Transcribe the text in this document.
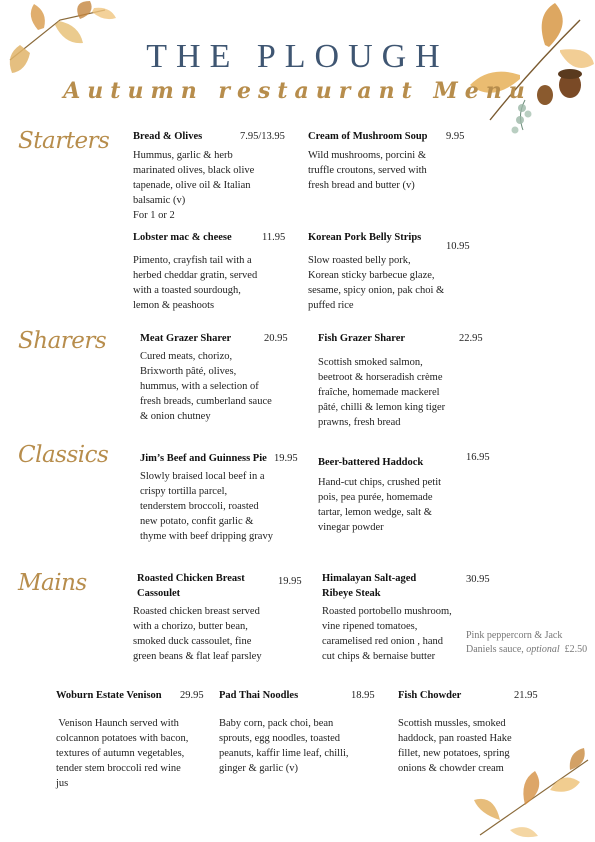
THE PLOUGH
Autumn restaurant Menu
Starters
Sharers
Classics
Mains
Bread & Olives	7.95/13.95
Hummus, garlic & herb
marinated olives, black olive
tapenade, olive oil & Italian
balsamic (v)
For 1 or 2
Cream of Mushroom Soup 9.95
Wild mushrooms, porcini &
truffle croutons, served with
fresh bread and butter (v)
Lobster mac & cheese	11.95
Pimento, crayfish tail with a
herbed cheddar gratin, served
with a toasted sourdough,
lemon & peashoots
Korean Pork Belly Strips
10.95
Slow roasted belly pork,
Korean sticky barbecue glaze,
sesame, spicy onion, pak choi &
puffed rice
Meat Grazer Sharer	20.95
Cured meats, chorizo,
Brixworth pâté, olives,
hummus, with a selection of
fresh breads, cumberland sauce
& onion chutney
Fish Grazer Sharer	22.95
Scottish smoked salmon,
beetroot & horseradish crème
fraîche, homemade mackerel
pâté, chilli & lemon king tiger
prawns, fresh bread
Jim’s Beef and Guinness Pie 19.95
Slowly braised local beef in a
crispy tortilla parcel,
tenderstem broccoli, roasted
new potato, confit garlic &
thyme with beef dripping gravy
Beer-battered Haddock	16.95
Hand-cut chips, crushed petit
pois, pea purée, homemade
tartar, lemon wedge, salt &
vinegar powder
Roasted Chicken Breast
Cassoulet
19.95
Roasted chicken breast served
with a chorizo, butter bean,
smoked duck cassoulet, fine
green beans & flat leaf parsley
Himalayan Salt-aged
Ribeye Steak
30.95
Roasted portobello mushroom,
vine ripened tomatoes,
caramelised red onion , hand
cut chips & bernaise butter
Pink peppercorn & Jack
Daniels sauce, optional £2.50
Woburn Estate Venison 29.95
Venison Haunch served with
colcannon potatoes with bacon,
textures of autumn vegetables,
tender stem broccoli red wine
jus
Pad Thai Noodles	18.95
Baby corn, pack choi, bean
sprouts, egg noodles, toasted
peanuts, kaffir lime leaf, chilli,
ginger & garlic (v)
Fish Chowder	21.95
Scottish mussles, smoked
haddock, pan roasted Hake
fillet, new potatoes, spring
onions & chowder cream
